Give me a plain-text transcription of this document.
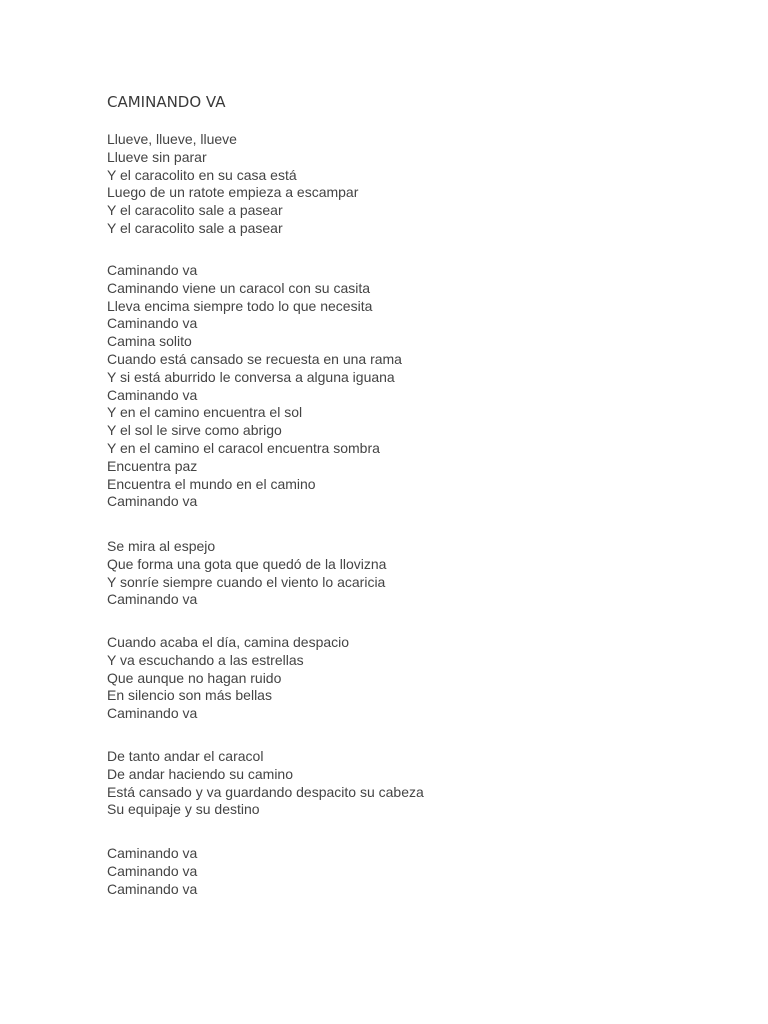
CAMINANDO VA
Llueve, llueve, llueve
Llueve sin parar
Y el caracolito en su casa está
Luego de un ratote empieza a escampar
Y el caracolito sale a pasear
Y el caracolito sale a pasear
Caminando va
Caminando viene un caracol con su casita
Lleva encima siempre todo lo que necesita
Caminando va
Camina solito
Cuando está cansado se recuesta en una rama
Y si está aburrido le conversa a alguna iguana
Caminando va
Y en el camino encuentra el sol
Y el sol le sirve como abrigo
Y en el camino el caracol encuentra sombra
Encuentra paz
Encuentra el mundo en el camino
Caminando va
Se mira al espejo
Que forma una gota que quedó de la llovizna
Y sonríe siempre cuando el viento lo acaricia
Caminando va
Cuando acaba el día, camina despacio
Y va escuchando a las estrellas
Que aunque no hagan ruido
En silencio son más bellas
Caminando va
De tanto andar el caracol
De andar haciendo su camino
Está cansado y va guardando despacito su cabeza
Su equipaje y su destino
Caminando va
Caminando va
Caminando va
